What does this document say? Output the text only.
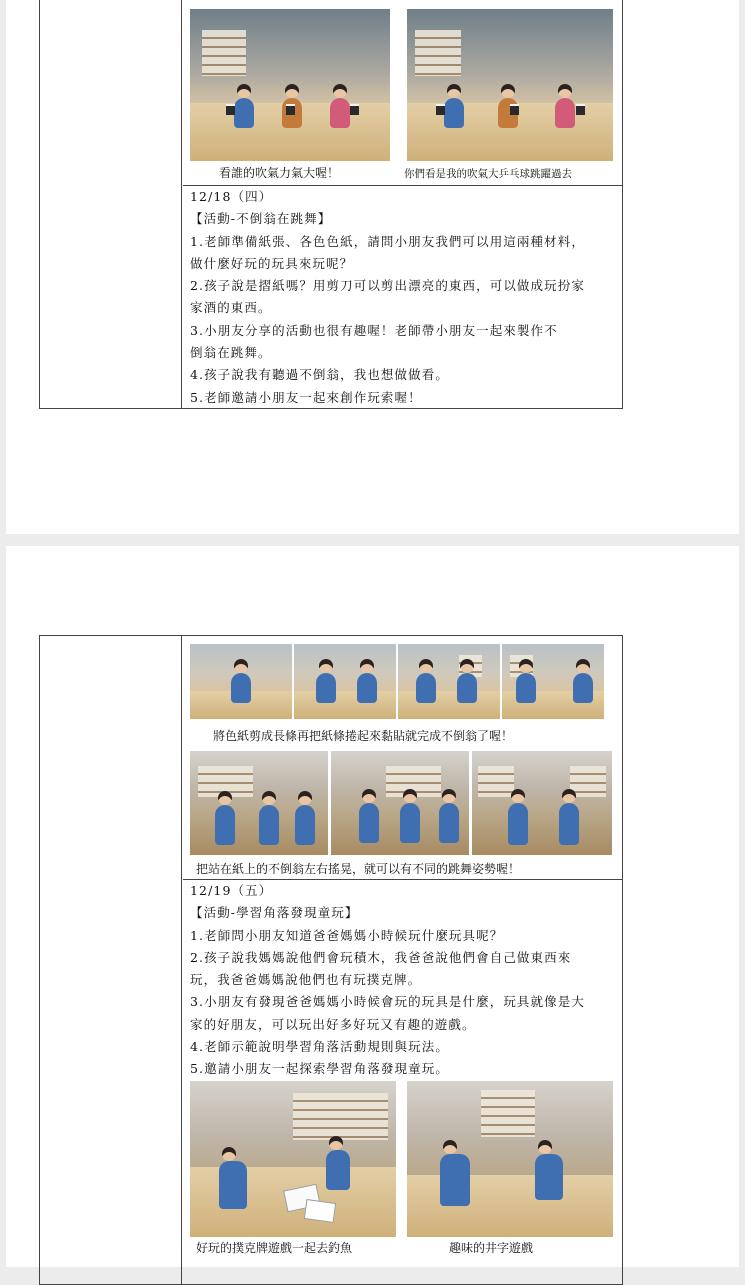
看誰的吹氣力氣大喔！	你們看是我的吹氣大乒乓球跳躍過去
12/18（四）
【活動-不倒翁在跳舞】
1.老師準備紙張、各色色紙，請問小朋友我們可以用這兩種材料，
做什麼好玩的玩具來玩呢？
2.孩子說是摺紙嗎？用剪刀可以剪出漂亮的東西，可以做成玩扮家
家酒的東西。
3.小朋友分享的活動也很有趣喔！老師帶小朋友一起來製作不
倒翁在跳舞。
4.孩子說我有聽過不倒翁，我也想做做看。
5.老師邀請小朋友一起來創作玩索喔！
將色紙剪成長條再把紙條捲起來黏貼就完成不倒翁了喔！
把站在紙上的不倒翁左右搖晃，就可以有不同的跳舞姿勢喔！
12/19（五）
【活動-學習角落發現童玩】
1.老師問小朋友知道爸爸媽媽小時候玩什麼玩具呢？
2.孩子說我媽媽說他們會玩積木，我爸爸說他們會自己做東西來
玩，我爸爸媽媽說他們也有玩撲克牌。
3.小朋友有發現爸爸媽媽小時候會玩的玩具是什麼，玩具就像是大
家的好朋友，可以玩出好多好玩又有趣的遊戲。
4.老師示範說明學習角落活動規則與玩法。
5.邀請小朋友一起探索學習角落發現童玩。
好玩的撲克牌遊戲一起去釣魚	趣味的井字遊戲
